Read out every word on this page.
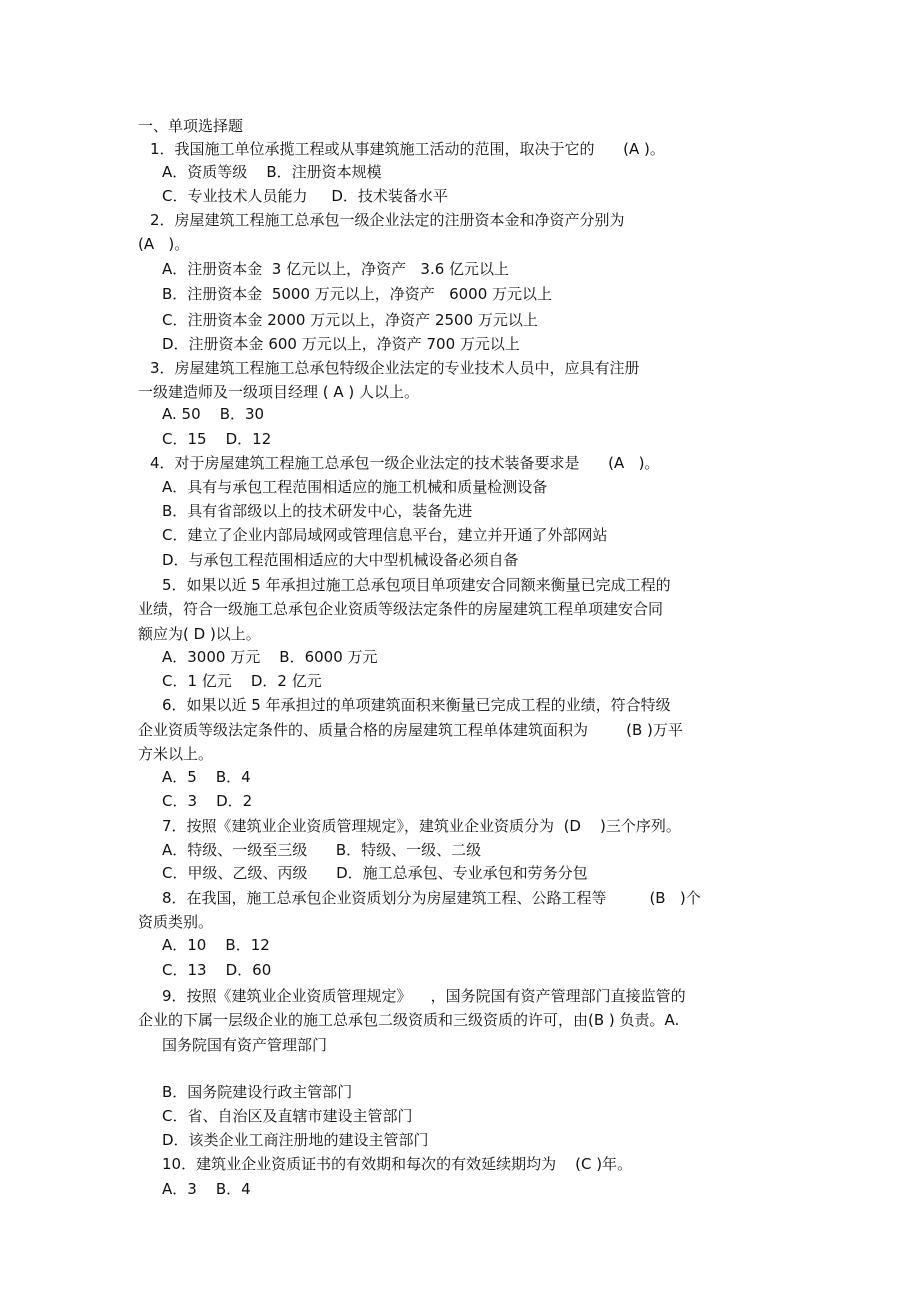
一、单项选择题
1．我国施工单位承揽工程或从事建筑施工活动的范围，取决于它的      (A )。
A．资质等级    B．注册资本规模
C．专业技术人员能力     D．技术装备水平
2．房屋建筑工程施工总承包一级企业法定的注册资本金和净资产分别为
(A   )。
A．注册资本金  3 亿元以上，净资产   3.6 亿元以上
B．注册资本金  5000 万元以上，净资产   6000 万元以上
C．注册资本金 2000 万元以上，净资产 2500 万元以上
D．注册资本金 600 万元以上，净资产 700 万元以上
3．房屋建筑工程施工总承包特级企业法定的专业技术人员中，应具有注册
一级建造师及一级项目经理 ( A ) 人以上。
A. 50    B．30
C．15    D．12
4．对于房屋建筑工程施工总承包一级企业法定的技术装备要求是      (A   )。
A．具有与承包工程范围相适应的施工机械和质量检测设备
B．具有省部级以上的技术研发中心，装备先进
C．建立了企业内部局域网或管理信息平台，建立并开通了外部网站
D．与承包工程范围相适应的大中型机械设备必须自备
5．如果以近 5 年承担过施工总承包项目单项建安合同额来衡量已完成工程的
业绩，符合一级施工总承包企业资质等级法定条件的房屋建筑工程单项建安合同
额应为( D )以上。
A．3000 万元    B．6000 万元
C．1 亿元    D．2 亿元
6．如果以近 5 年承担过的单项建筑面积来衡量已完成工程的业绩，符合特级
企业资质等级法定条件的、质量合格的房屋建筑工程单体建筑面积为        (B )万平
方米以上。
A．5    B．4
C．3    D．2
7．按照《建筑业企业资质管理规定》，建筑业企业资质分为  (D    )三个序列。
A．特级、一级至三级      B．特级、一级、二级
C．甲级、乙级、丙级      D．施工总承包、专业承包和劳务分包
8．在我国，施工总承包企业资质划分为房屋建筑工程、公路工程等         (B   )个
资质类别。
A．10    B．12
C．13    D．60
9．按照《建筑业企业资质管理规定》    ，国务院国有资产管理部门直接监管的
企业的下属一层级企业的施工总承包二级资质和三级资质的许可，由(B ) 负责。A.
国务院国有资产管理部门
B．国务院建设行政主管部门
C．省、自治区及直辖市建设主管部门
D．该类企业工商注册地的建设主管部门
10．建筑业企业资质证书的有效期和每次的有效延续期均为    (C )年。
A．3    B．4
